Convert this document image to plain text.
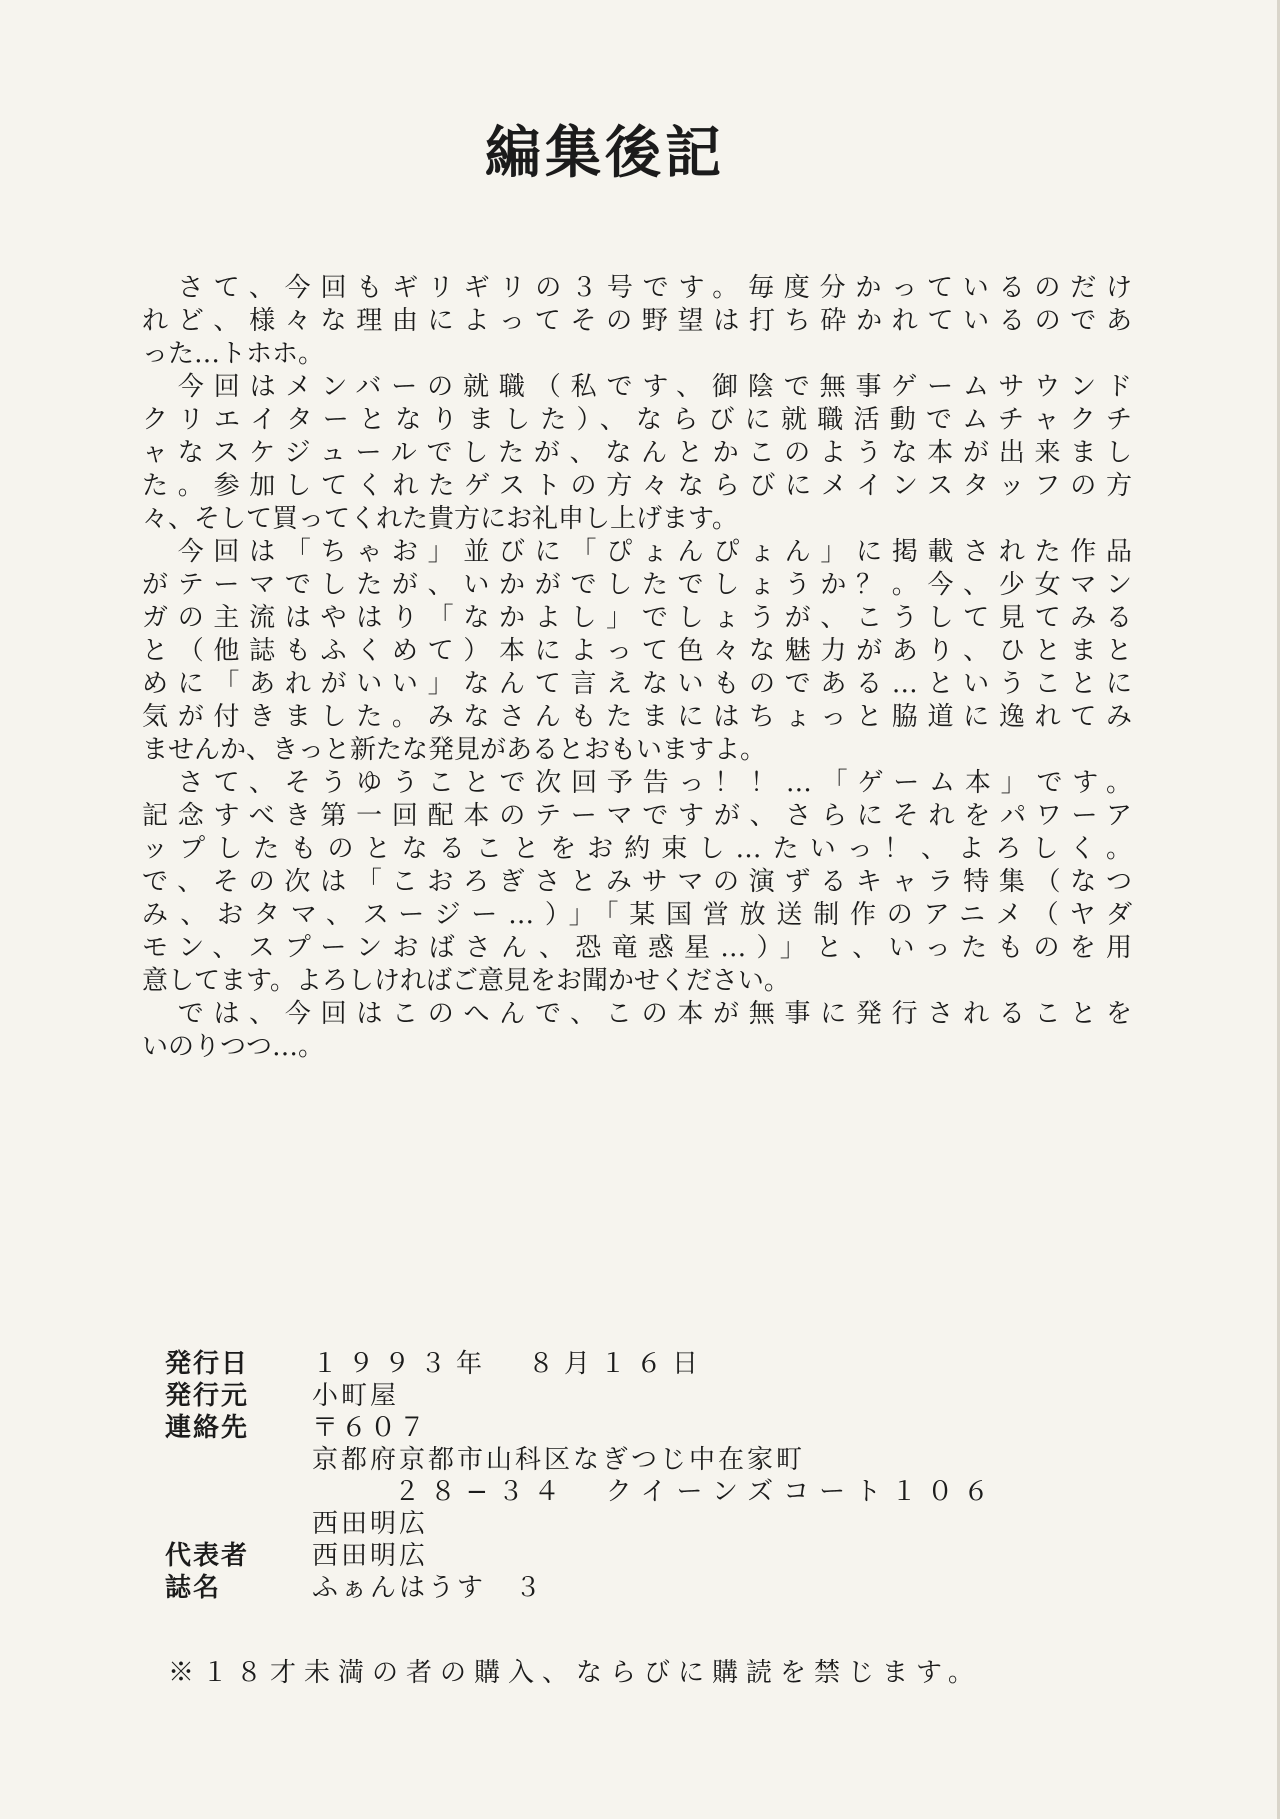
編集後記
　さて、今回もギリギリの３号です。毎度分かっているのだけ
れど、様々な理由によってその野望は打ち砕かれているのであ
った…トホホ。
　今回はメンバーの就職（私です、御陰で無事ゲームサウンド
クリエイターとなりました）、ならびに就職活動でムチャクチ
ャなスケジュールでしたが、なんとかこのような本が出来まし
た。参加してくれたゲストの方々ならびにメインスタッフの方
々、そして買ってくれた貴方にお礼申し上げます。
　今回は「ちゃお」並びに「ぴょんぴょん」に掲載された作品
がテーマでしたが、いかがでしたでしょうか？。今、少女マン
ガの主流はやはり「なかよし」でしょうが、こうして見てみる
と（他誌もふくめて）本によって色々な魅力があり、ひとまと
めに「あれがいい」なんて言えないものである…ということに
気が付きました。みなさんもたまにはちょっと脇道に逸れてみ
ませんか、きっと新たな発見があるとおもいますよ。
　さて、そうゆうことで次回予告っ！！…「ゲーム本」です。
記念すべき第一回配本のテーマですが、さらにそれをパワーア
ップしたものとなることをお約束し…たいっ！、よろしく。
で、その次は「こおろぎさとみサマの演ずるキャラ特集（なつ
み、おタマ、スージー…）」「某国営放送制作のアニメ（ヤダ
モン、スプーンおばさん、恐竜惑星…）」と、いったものを用
意してます。よろしければご意見をお聞かせください。
　では、今回はこのへんで、この本が無事に発行されることを
いのりつつ…。
発行日	１９９３年　８月１６日
発行元	小町屋
連絡先	〒６０７
京都府京都市山科区なぎつじ中在家町
２８−３４　クイーンズコート１０６
西田明広
代表者	西田明広
誌名	ふぁんはうす　３
※１８才未満の者の購入、ならびに購読を禁じます。
